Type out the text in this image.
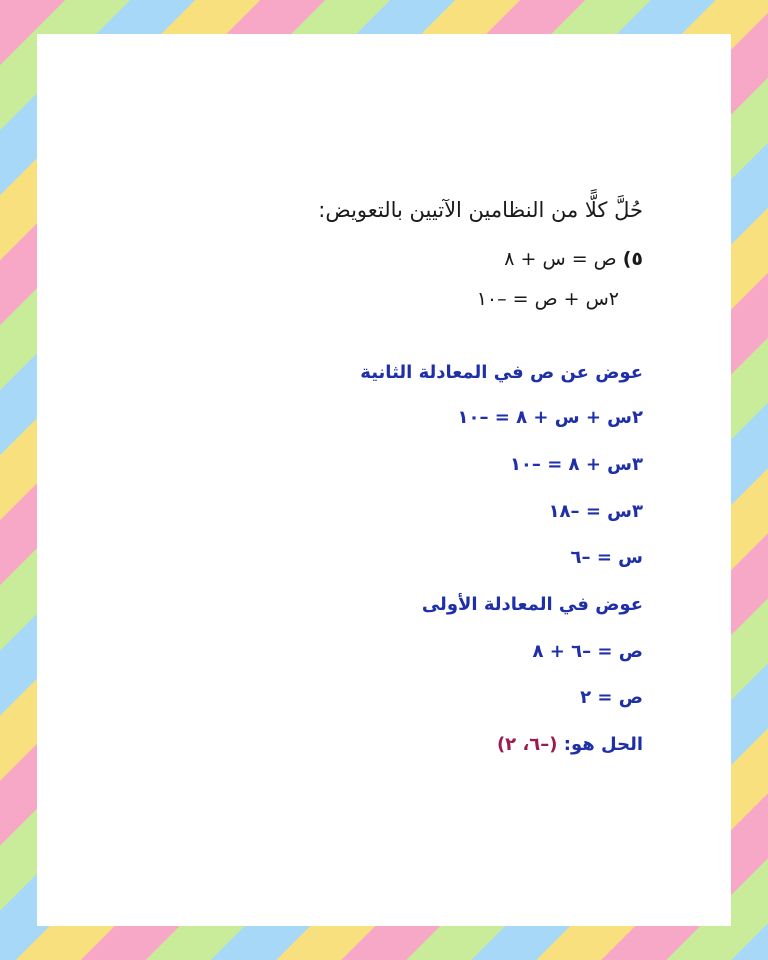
حُلَّ كلًّا من النظامين الآتيين بالتعويض:
٥) ص = س + ٨
٢س + ص = –١٠
عوض عن ص في المعادلة الثانية
٢س + س + ٨ = –١٠
٣س + ٨ = –١٠
٣س = –١٨
س = –٦
عوض في المعادلة الأولى
ص = –٦ + ٨
ص = ٢
الحل هو: (–٦، ٢)
